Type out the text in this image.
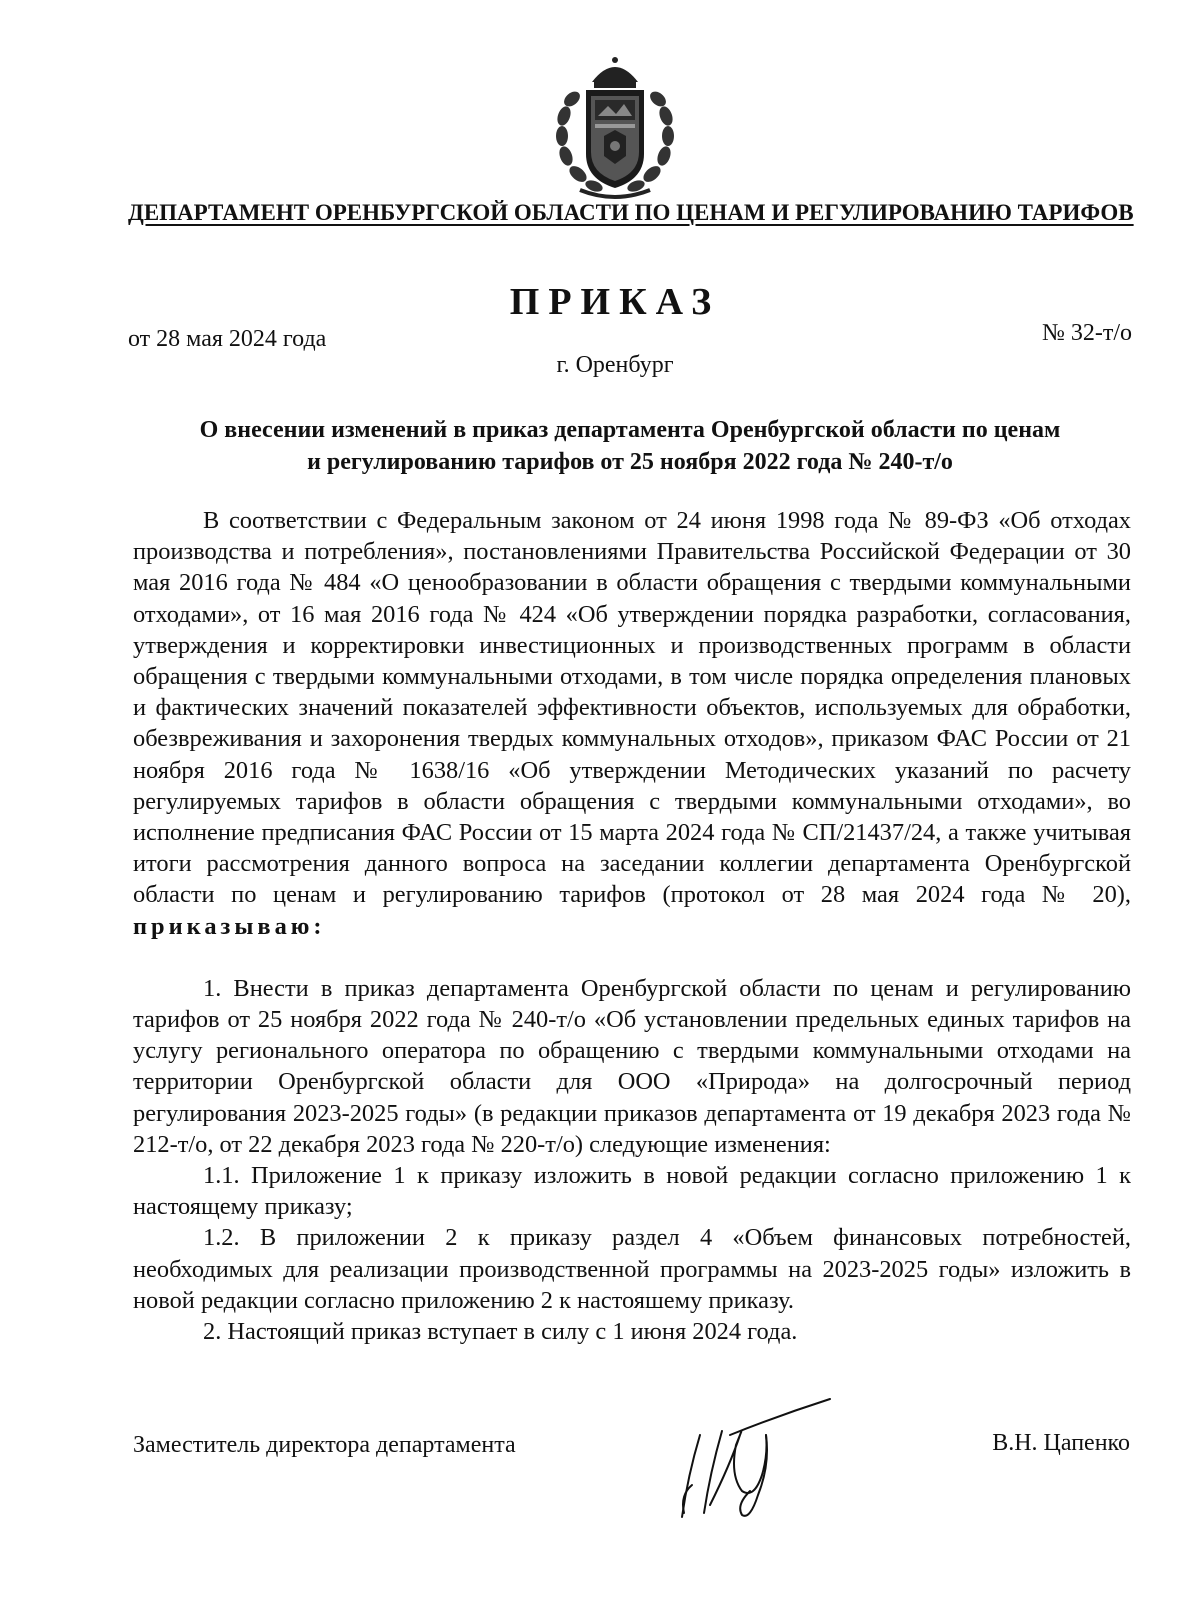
ДЕПАРТАМЕНТ ОРЕНБУРГСКОЙ ОБЛАСТИ ПО ЦЕНАМ И РЕГУЛИРОВАНИЮ ТАРИФОВ
ПРИКАЗ
от 28 мая 2024 года	№ 32-т/о
г. Оренбург
О внесении изменений в приказ департамента Оренбургской области по ценам
и регулированию тарифов от 25 ноября 2022 года № 240-т/о

В соответствии с Федеральным законом от 24 июня 1998 года № 89-ФЗ «Об отходах производства и потребления», постановлениями Правительства Российской Федерации от 30 мая 2016 года № 484 «О ценообразовании в области обращения с твердыми коммунальными отходами», от 16 мая 2016 года № 424 «Об утверждении порядка разработки, согласования, утверждения и корректировки инвестиционных и производственных программ в области обращения с твердыми коммунальными отходами, в том числе порядка определения плановых и фактических значений показателей эффективности объектов, используемых для обработки, обезвреживания и захоронения твердых коммунальных отходов», приказом ФАС России от 21 ноября 2016 года № 1638/16 «Об утверждении Методических указаний по расчету регулируемых тарифов в области обращения с твердыми коммунальными отходами», во исполнение предписания ФАС России от 15 марта 2024 года № СП/21437/24, а также учитывая итоги рассмотрения данного вопроса на заседании коллегии департамента Оренбургской области по ценам и регулированию тарифов (протокол от 28 мая 2024 года № 20), приказываю:

1. Внести в приказ департамента Оренбургской области по ценам и регулированию тарифов от 25 ноября 2022 года № 240-т/о «Об установлении предельных единых тарифов на услугу регионального оператора по обращению с твердыми коммунальными отходами на территории Оренбургской области для ООО «Природа» на долгосрочный период регулирования 2023-2025 годы» (в редакции приказов департамента от 19 декабря 2023 года № 212-т/о, от 22 декабря 2023 года № 220-т/о) следующие изменения:

1.1. Приложение 1 к приказу изложить в новой редакции согласно приложению 1 к настоящему приказу;

1.2. В приложении 2 к приказу раздел 4 «Объем финансовых потребностей, необходимых для реализации производственной программы на 2023-2025 годы» изложить в новой редакции согласно приложению 2 к настояшему приказу.

2. Настоящий приказ вступает в силу с 1 июня 2024 года.

Заместитель директора департамента	В.Н. Цапенко
